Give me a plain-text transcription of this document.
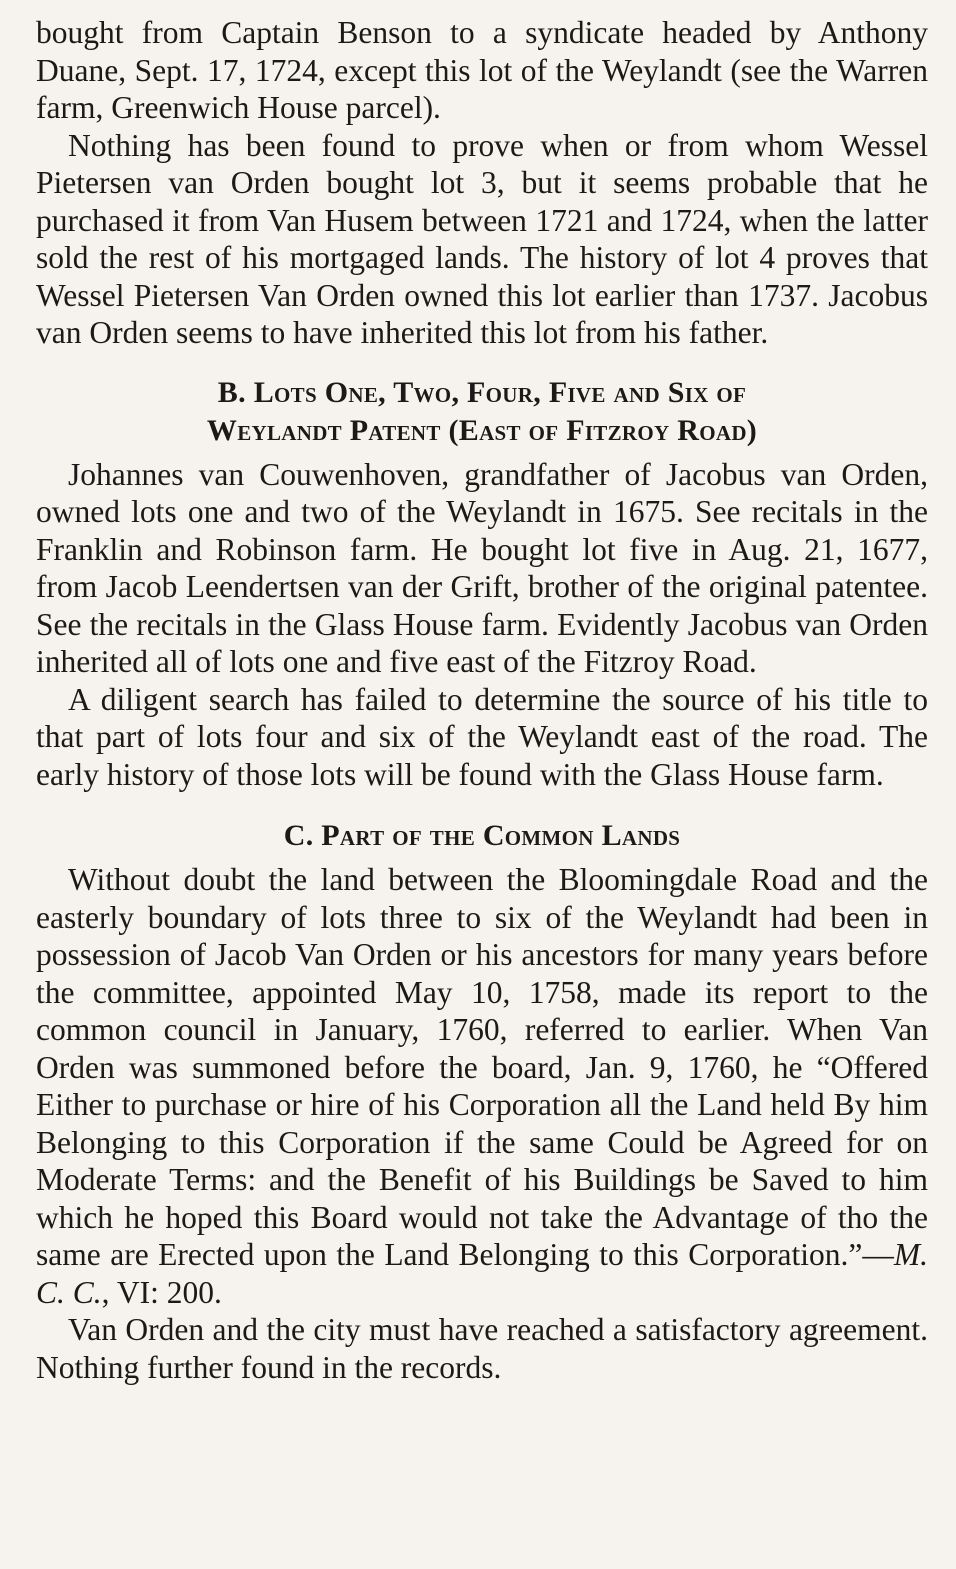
bought from Captain Benson to a syndicate headed by Anthony Duane, Sept. 17, 1724, except this lot of the Weylandt (see the Warren farm, Greenwich House parcel).

Nothing has been found to prove when or from whom Wessel Pietersen van Orden bought lot 3, but it seems probable that he purchased it from Van Husem between 1721 and 1724, when the latter sold the rest of his mortgaged lands. The history of lot 4 proves that Wessel Pietersen Van Orden owned this lot earlier than 1737. Jacobus van Orden seems to have inherited this lot from his father.

B. Lots One, Two, Four, Five and Six of
Weylandt Patent (East of Fitzroy Road)

Johannes van Couwenhoven, grandfather of Jacobus van Orden, owned lots one and two of the Weylandt in 1675. See recitals in the Franklin and Robinson farm. He bought lot five in Aug. 21, 1677, from Jacob Leendertsen van der Grift, brother of the original patentee. See the recitals in the Glass House farm. Evidently Jacobus van Orden inherited all of lots one and five east of the Fitzroy Road.

A diligent search has failed to determine the source of his title to that part of lots four and six of the Weylandt east of the road. The early history of those lots will be found with the Glass House farm.

C. Part of the Common Lands

Without doubt the land between the Bloomingdale Road and the easterly boundary of lots three to six of the Weylandt had been in possession of Jacob Van Orden or his ancestors for many years before the committee, appointed May 10, 1758, made its report to the common council in January, 1760, referred to earlier. When Van Orden was summoned before the board, Jan. 9, 1760, he “Offered Either to purchase or hire of his Corporation all the Land held By him Belonging to this Corporation if the same Could be Agreed for on Moderate Terms: and the Benefit of his Buildings be Saved to him which he hoped this Board would not take the Advantage of tho the same are Erected upon the Land Belonging to this Corporation.”—M. C. C., VI: 200.

Van Orden and the city must have reached a satisfactory agreement. Nothing further found in the records.
